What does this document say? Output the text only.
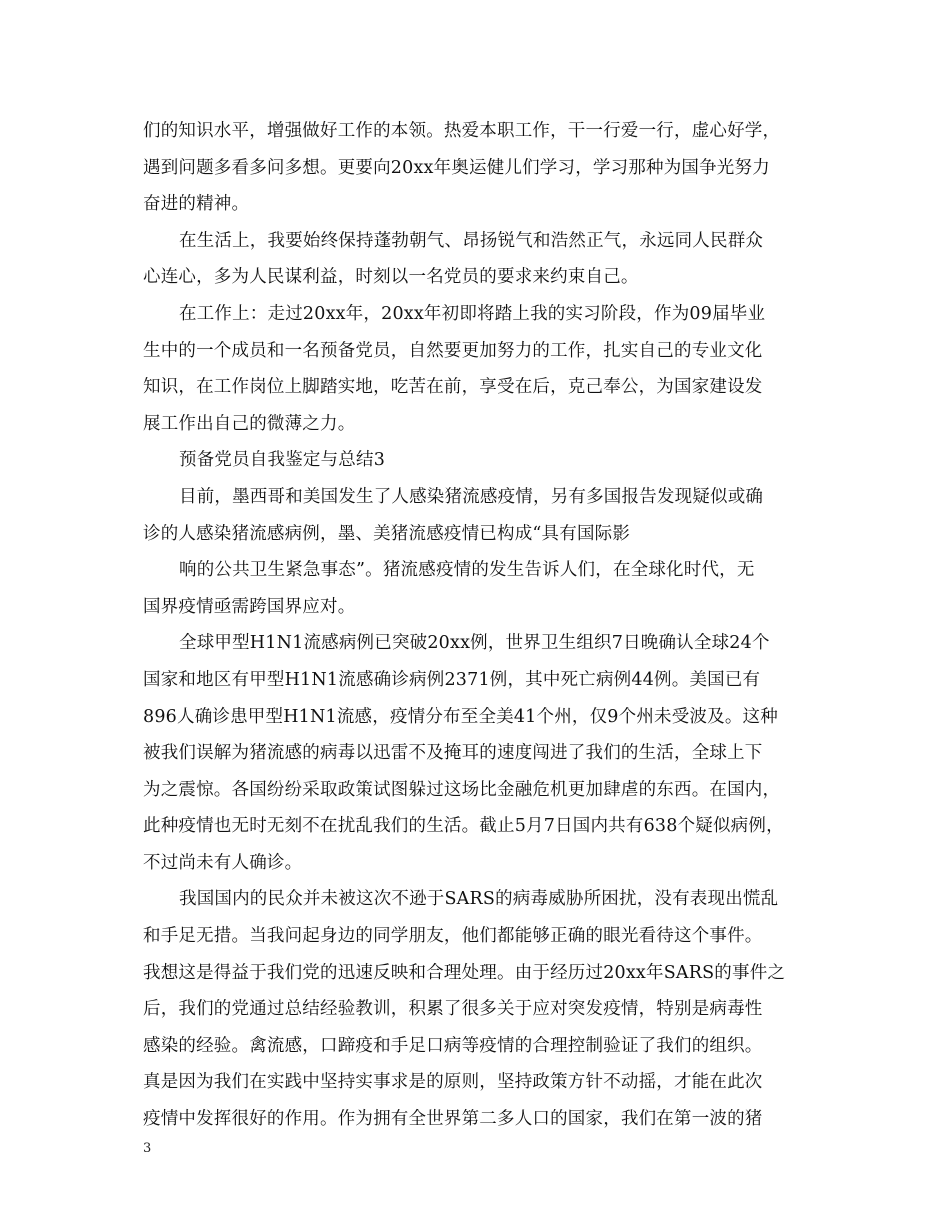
们的知识水平，增强做好工作的本领。热爱本职工作，干一行爱一行，虚心好学，
遇到问题多看多问多想。更要向20xx年奥运健儿们学习，学习那种为国争光努力
奋进的精神。
在生活上，我要始终保持蓬勃朝气、昂扬锐气和浩然正气，永远同人民群众
心连心，多为人民谋利益，时刻以一名党员的要求来约束自己。
在工作上：走过20xx年，20xx年初即将踏上我的实习阶段，作为09届毕业
生中的一个成员和一名预备党员，自然要更加努力的工作，扎实自己的专业文化
知识，在工作岗位上脚踏实地，吃苦在前，享受在后，克己奉公，为国家建设发
展工作出自己的微薄之力。
预备党员自我鉴定与总结3
目前，墨西哥和美国发生了人感染猪流感疫情，另有多国报告发现疑似或确
诊的人感染猪流感病例，墨、美猪流感疫情已构成“具有国际影
响的公共卫生紧急事态”。猪流感疫情的发生告诉人们，在全球化时代，无
国界疫情亟需跨国界应对。
全球甲型H1N1流感病例已突破20xx例，世界卫生组织7日晚确认全球24个
国家和地区有甲型H1N1流感确诊病例2371例，其中死亡病例44例。美国已有
896人确诊患甲型H1N1流感，疫情分布至全美41个州，仅9个州未受波及。这种
被我们误解为猪流感的病毒以迅雷不及掩耳的速度闯进了我们的生活，全球上下
为之震惊。各国纷纷采取政策试图躲过这场比金融危机更加肆虐的东西。在国内，
此种疫情也无时无刻不在扰乱我们的生活。截止5月7日国内共有638个疑似病例，
不过尚未有人确诊。
我国国内的民众并未被这次不逊于SARS的病毒威胁所困扰，没有表现出慌乱
和手足无措。当我问起身边的同学朋友，他们都能够正确的眼光看待这个事件。
我想这是得益于我们党的迅速反映和合理处理。由于经历过20xx年SARS的事件之
后，我们的党通过总结经验教训，积累了很多关于应对突发疫情，特别是病毒性
感染的经验。禽流感，口蹄疫和手足口病等疫情的合理控制验证了我们的组织。
真是因为我们在实践中坚持实事求是的原则，坚持政策方针不动摇，才能在此次
疫情中发挥很好的作用。作为拥有全世界第二多人口的国家，我们在第一波的猪
3
